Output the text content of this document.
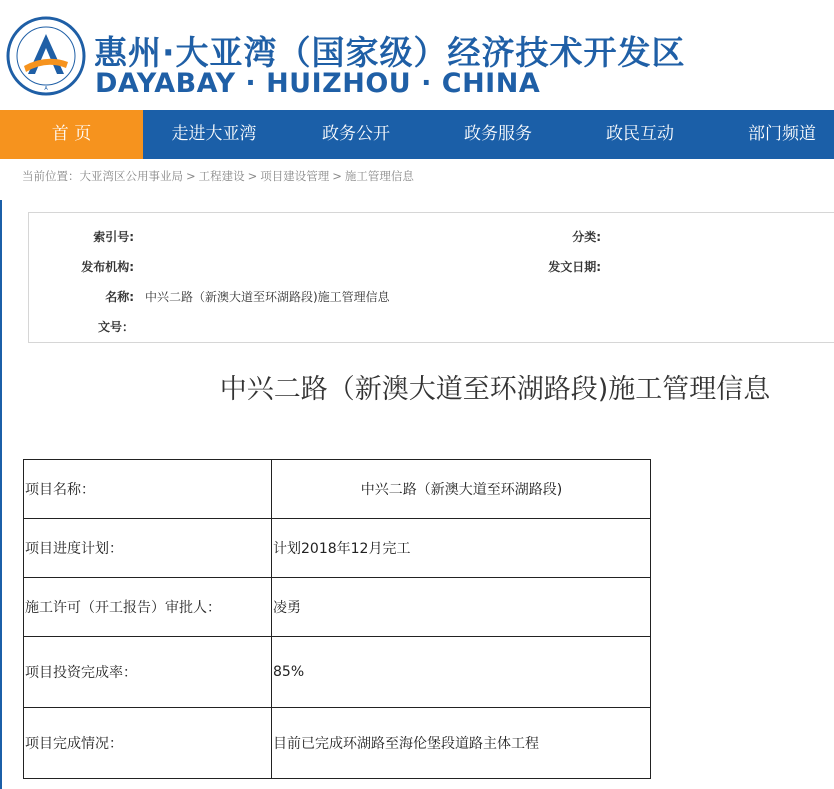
A
惠州·大亚湾（国家级）经济技术开发区
DAYABAY · HUIZHOU · CHINA
首 页	走进大亚湾	政务公开	政务服务	政民互动	部门频道
当前位置：大亚湾区公用事业局 > 工程建设 > 项目建设管理 > 施工管理信息
索引号:	分类:
发布机构:	发文日期:
名称: 中兴二路（新澳大道至环湖路段)施工管理信息
文号：
中兴二路（新澳大道至环湖路段)施工管理信息
项目名称：	中兴二路（新澳大道至环湖路段)
项目进度计划：	计划2018年12月完工
施工许可（开工报告）审批人：	凌勇
项目投资完成率：	85%
项目完成情况：	目前已完成环湖路至海伦堡段道路主体工程
